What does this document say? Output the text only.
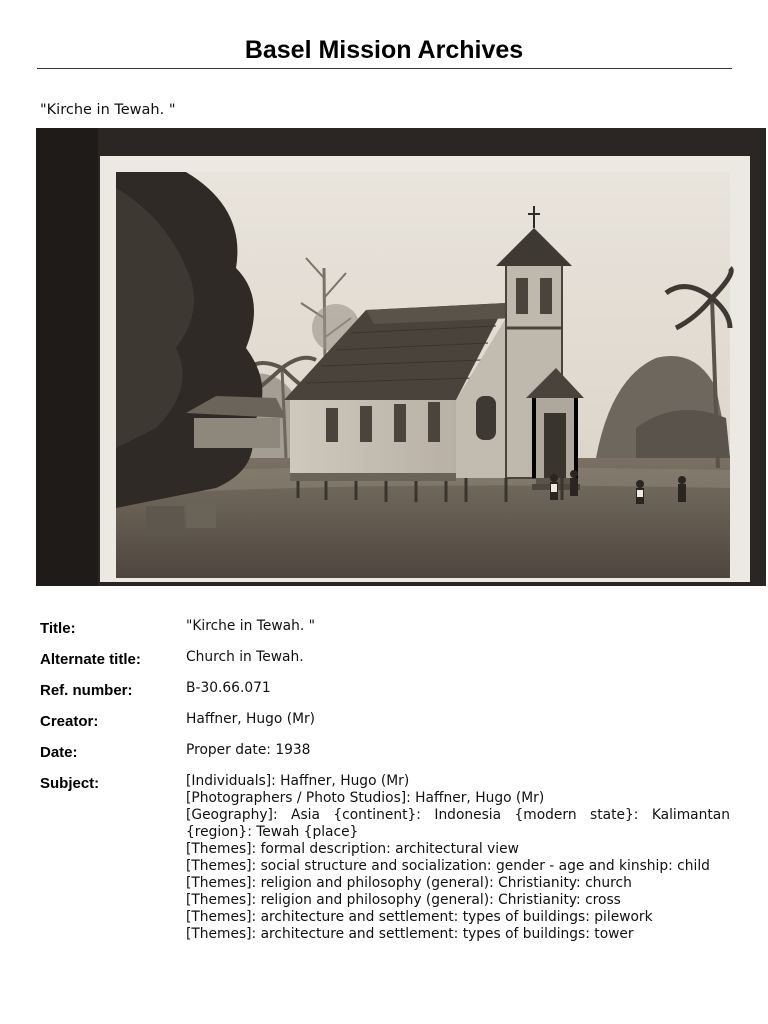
Basel Mission Archives
"Kirche in Tewah. "
Title:	"Kirche in Tewah. "
Alternate title:	Church in Tewah.
Ref. number:	B-30.66.071
Creator:	Haffner, Hugo (Mr)
Date:	Proper date: 1938
Subject:	[Individuals]: Haffner, Hugo (Mr)
[Photographers / Photo Studios]: Haffner, Hugo (Mr)
[Geography]: Asia {continent}: Indonesia {modern state}: Kalimantan
{region}: Tewah {place}
[Themes]: formal description: architectural view
[Themes]: social structure and socialization: gender - age and kinship: child
[Themes]: religion and philosophy (general): Christianity: church
[Themes]: religion and philosophy (general): Christianity: cross
[Themes]: architecture and settlement: types of buildings: pilework
[Themes]: architecture and settlement: types of buildings: tower
